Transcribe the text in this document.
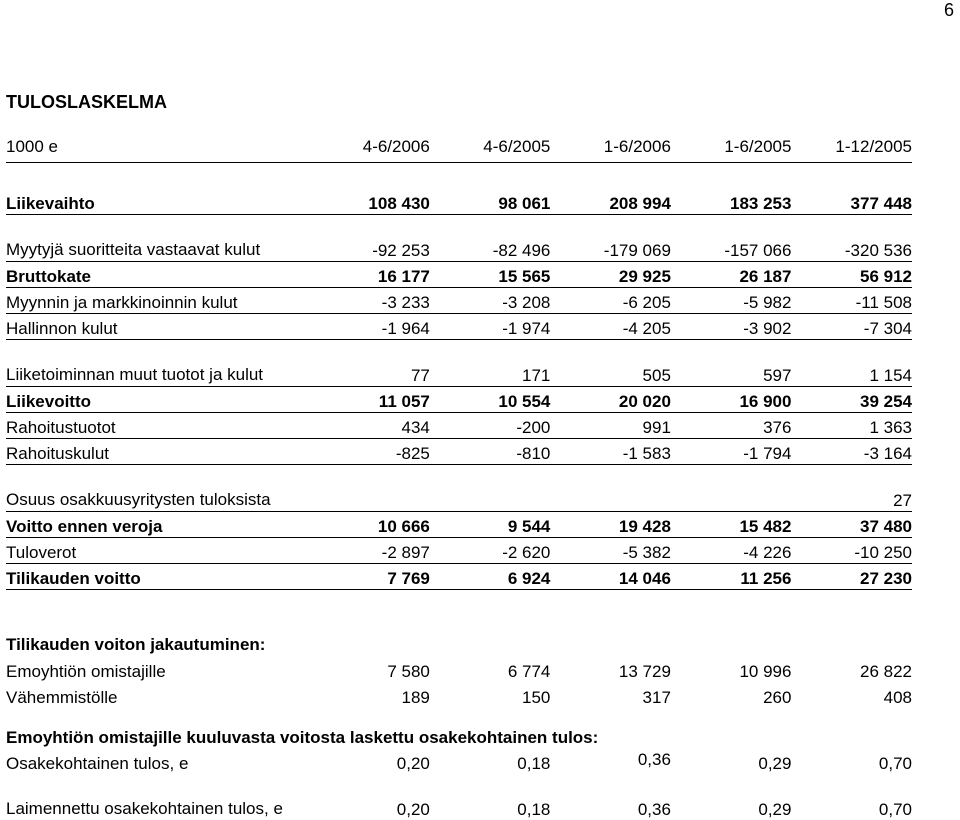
6
TULOSLASKELMA
1000 e	4-6/2006	4-6/2005	1-6/2006	1-6/2005	1-12/2005

Liikevaihto	108 430	98 061	208 994	183 253	377 448
Myytyjä suoritteita vastaavat kulut	-92 253	-82 496	-179 069	-157 066	-320 536
Bruttokate	16 177	15 565	29 925	26 187	56 912
Myynnin ja markkinoinnin kulut	-3 233	-3 208	-6 205	-5 982	-11 508
Hallinnon kulut	-1 964	-1 974	-4 205	-3 902	-7 304
Liiketoiminnan muut tuotot ja kulut	77	171	505	597	1 154
Liikevoitto	11 057	10 554	20 020	16 900	39 254
Rahoitustuotot	434	-200	991	376	1 363
Rahoituskulut	-825	-810	-1 583	-1 794	-3 164
Osuus osakkuusyritysten tuloksista					27
Voitto ennen veroja	10 666	9 544	19 428	15 482	37 480
Tuloverot	-2 897	-2 620	-5 382	-4 226	-10 250
Tilikauden voitto	7 769	6 924	14 046	11 256	27 230

Tilikauden voiton jakautuminen:					
Emoyhtiön omistajille	7 580	6 774	13 729	10 996	26 822
Vähemmistölle	189	150	317	260	408

Emoyhtiön omistajille kuuluvasta voitosta laskettu osakekohtainen tulos:					
Osakekohtainen tulos, e	0,20	0,18	0,36	0,29	0,70
Laimennettu osakekohtainen tulos, e	0,20	0,18	0,36	0,29	0,70
